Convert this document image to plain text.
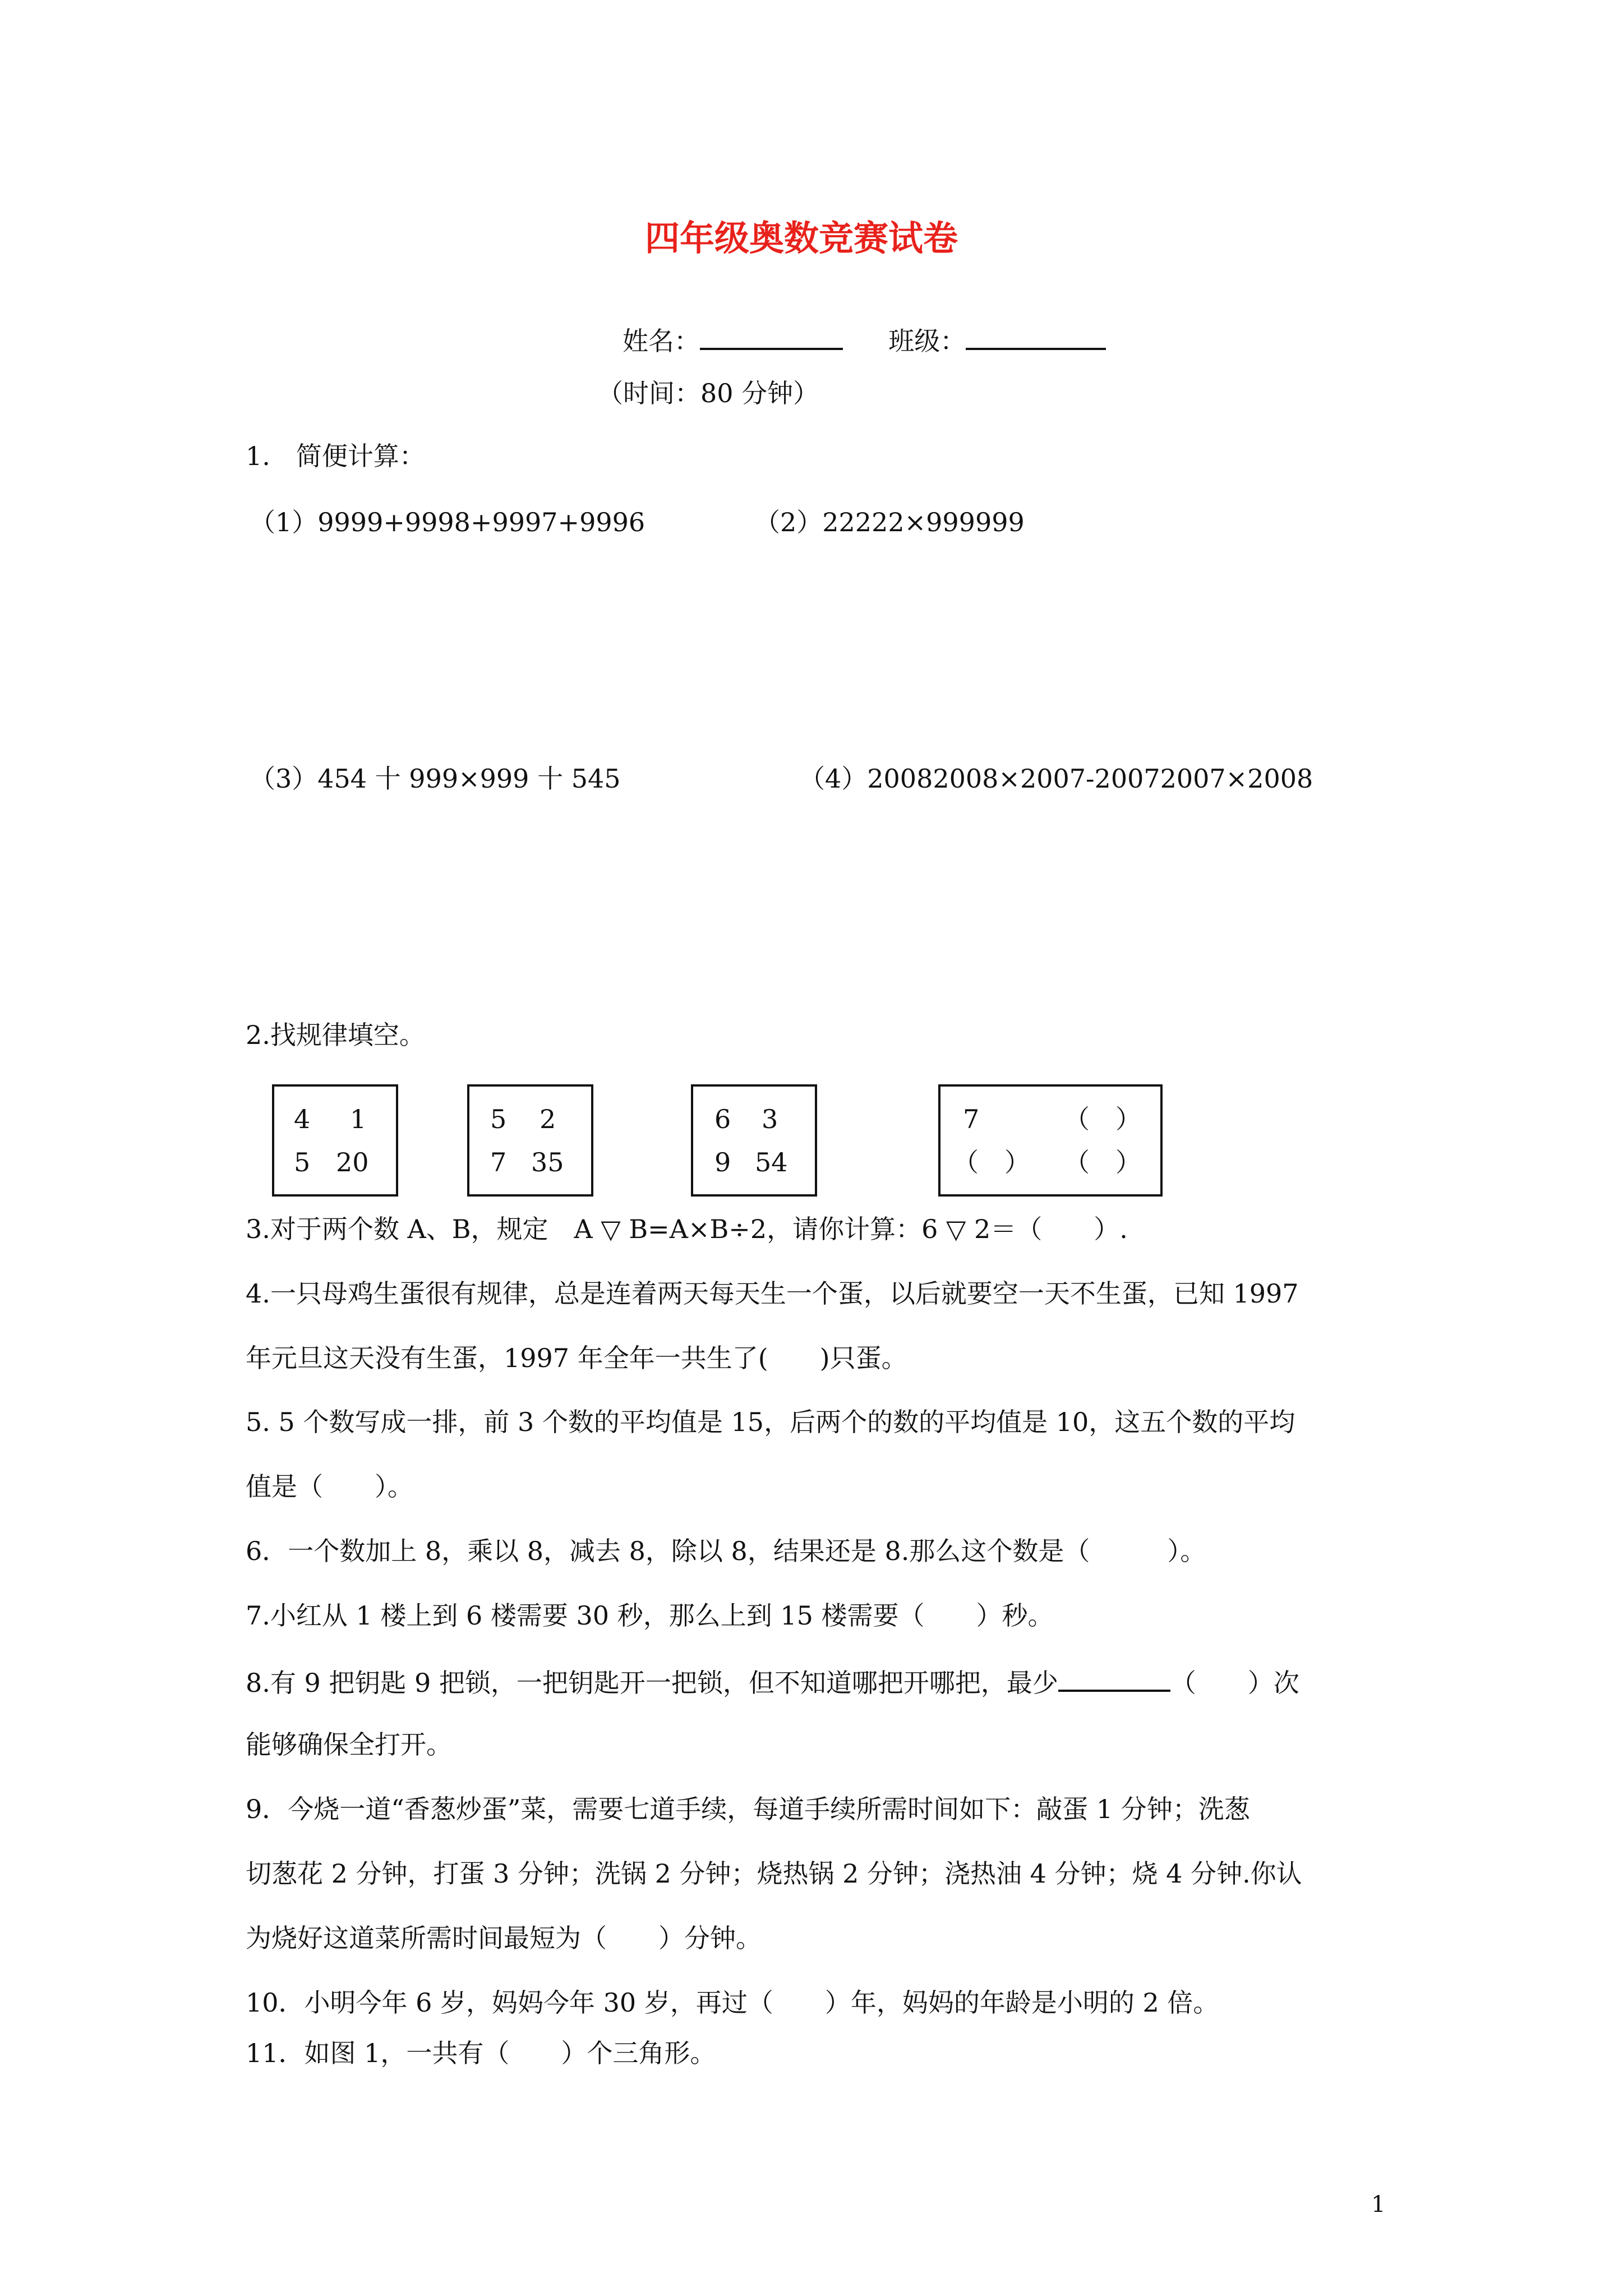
四年级奥数竞赛试卷
姓名：	班级：
（时间：80 分钟）
1.　简便计算：
（1）9999+9998+9997+9996	（2）22222×999999
（3）454 十 999×999 十 545	（4）20082008×2007-20072007×2008
2.找规律填空。
4 1
5 20
5 2
7 35
6 3
9 54
7	（　）
（　） （　）
3.对于两个数 A、B，规定　A ▽ B=A×B÷2，请你计算：6 ▽ 2＝（　　）.
4.一只母鸡生蛋很有规律，总是连着两天每天生一个蛋，以后就要空一天不生蛋，已知 1997
年元旦这天没有生蛋，1997 年全年一共生了(　　)只蛋。
5. 5 个数写成一排，前 3 个数的平均值是 15，后两个的数的平均值是 10，这五个数的平均
值是（　　）。
6．一个数加上 8，乘以 8，减去 8，除以 8，结果还是 8.那么这个数是（　　　）。
7.小红从 1 楼上到 6 楼需要 30 秒，那么上到 15 楼需要（　　）秒。
8.有 9 把钥匙 9 把锁，一把钥匙开一把锁，但不知道哪把开哪把，最少	（　　）次
能够确保全打开。
9．今烧一道“香葱炒蛋”菜，需要七道手续，每道手续所需时间如下：敲蛋 1 分钟；洗葱
切葱花 2 分钟，打蛋 3 分钟；洗锅 2 分钟；烧热锅 2 分钟；浇热油 4 分钟；烧 4 分钟.你认
为烧好这道菜所需时间最短为（　　）分钟。
10．小明今年 6 岁，妈妈今年 30 岁，再过（　　）年，妈妈的年龄是小明的 2 倍。
11．如图 1，一共有（　　）个三角形。
1
